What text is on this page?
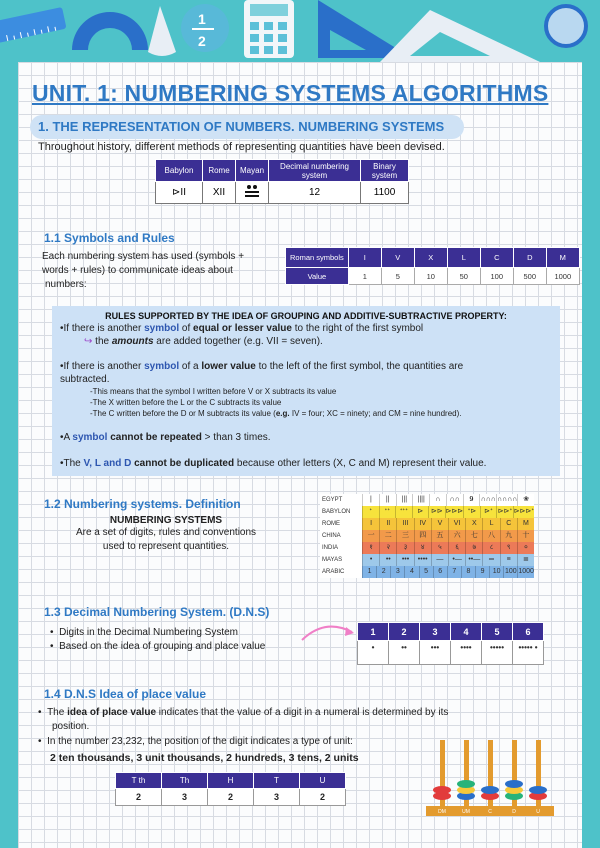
1
2
UNIT. 1: NUMBERING SYSTEMS ALGORITHMS
1. THE REPRESENTATION OF NUMBERS. NUMBERING SYSTEMS
Throughout history, different methods of representing quantities have been devised.
Babylon	Rome	Mayan	Decimal numbering system	Binary system
⊳II	XII		12	1100
1.1 Symbols and Rules
Each numbering system has used (symbols +
words + rules) to communicate ideas about
numbers:
Roman symbols	I	V	X	L	C	D	M
Value	1	5	10	50	100	500	1000
RULES SUPPORTED BY THE IDEA OF GROUPING AND ADDITIVE-SUBTRACTIVE PROPERTY:
•If there is another symbol of equal or lesser value to the right of the first symbol
↪ the amounts are added together (e.g. VII = seven).
•If there is another symbol of a lower value to the left of the first symbol, the quantities are
subtracted.
-This means that the symbol I written before V or X subtracts its value
-The X written before the L or the C subtracts its value
-The C written before the D or M subtracts its value (e.g. IV = four; XC = ninety; and CM = nine hundred).
•A symbol cannot be repeated > than 3 times.
•The V, L and D cannot be duplicated because other letters (X, C and M) represent their value.
1.2 Numbering systems. Definition
NUMBERING SYSTEMS
Are a set of digits, rules and conventions
used to represent quantities.
EGYPT	|	||	|||	||||	∩	∩∩	𝟗	∩∩∩ ∩∩∩∩ ❀
BABYLON	ᐩ	ᐩᐩ	ᐩᐩᐩ	⊳	⊳⊳ ⊳⊳⊳ ᐩ⊳	⊳ᐩ ⊳⊳ᐩ ⊳⊳⊳ᐩ
ROME	I	II	III	IV	V	VI	X	L	C	M
CHINA	一	二	三	四	五	六	七	八	九	十
INDIA	१	२	३	४	५	६	७	८	९	०
MAYAS	•	••	•••	••••	—	•— ••—	═	≡	≣
ARABIC	1	2	3	4	5	6	7	8	9	10 100 1000
1.3 Decimal Numbering System. (D.N.S)
•  Digits in the Decimal Numbering System
•  Based on the idea of grouping and place value
1	2	3	4	5	6
•	••	•••	••••	•••••	••••• •
1.4 D.N.S Idea of place value
•  The idea of place value indicates that the value of a digit in a numeral is determined by its
position.
•  In the number 23,232, the position of the digit indicates a type of unit:
2 ten thousands, 3 unit thousands, 2 hundreds, 3 tens, 2 units
T th	Th	H	T	U
2	3	2	3	2
DM	UM	C	D	U
